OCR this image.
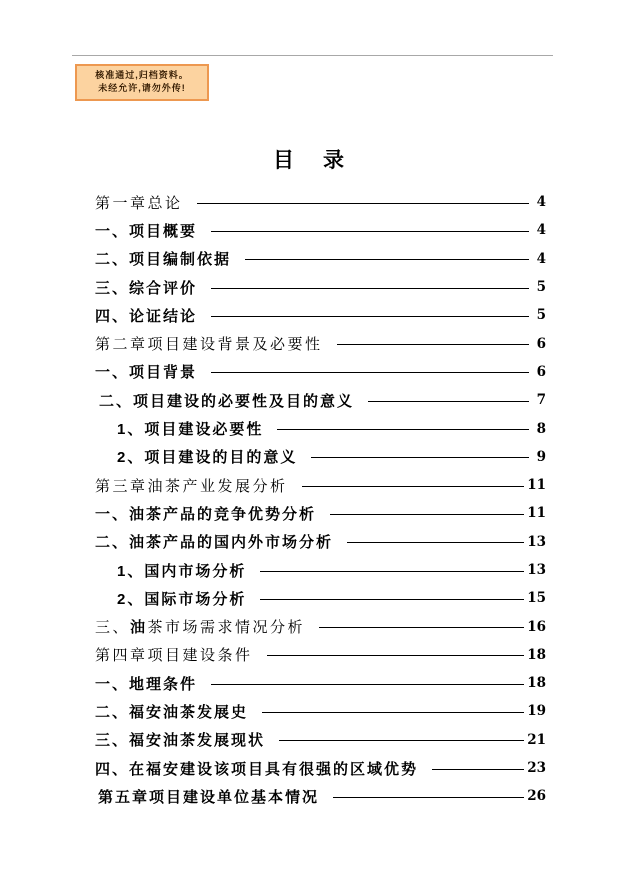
核准通过,归档资料。
未经允许,请勿外传!
目　录
第一章总论	4
一、项目概要	4
二、项目编制依据	4
三、综合评价	5
四、论证结论	5
第二章项目建设背景及必要性	6
一、项目背景	6
二、项目建设的必要性及目的意义	7
1、项目建设必要性	8
2、项目建设的目的意义	9
第三章油茶产业发展分析	11
一、油茶产品的竞争优势分析	11
二、油茶产品的国内外市场分析	13
1、国内市场分析	13
2、国际市场分析	15
三、油茶市场需求情况分析	16
第四章项目建设条件	18
一、地理条件	18
二、福安油茶发展史	19
三、福安油茶发展现状	21
四、在福安建设该项目具有很强的区域优势	23
第五章项目建设单位基本情况	26
